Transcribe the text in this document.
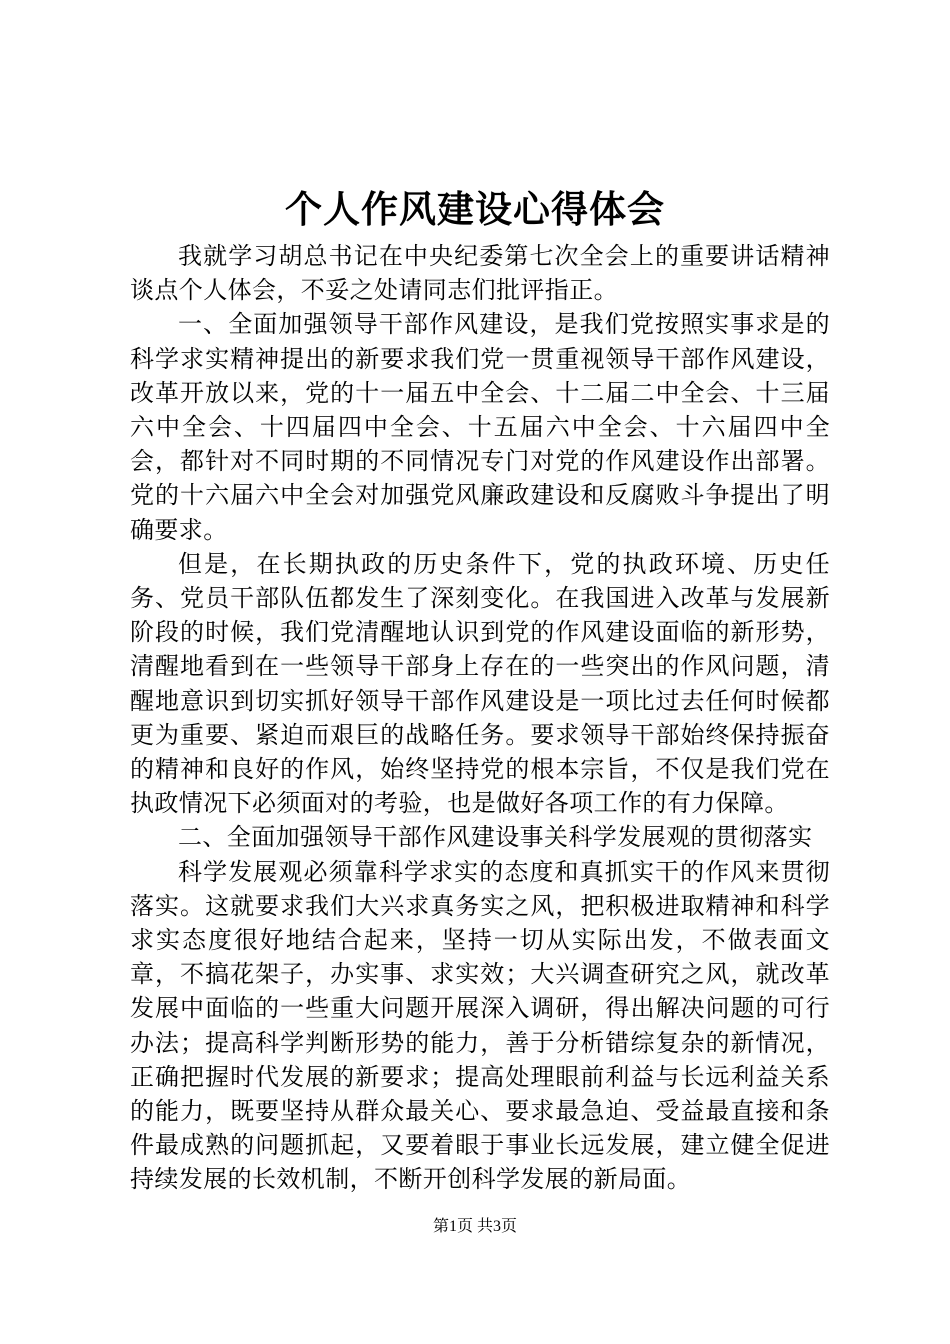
个人作风建设心得体会

我就学习胡总书记在中央纪委第七次全会上的重要讲话精神谈点个人体会，不妥之处请同志们批评指正。

一、全面加强领导干部作风建设，是我们党按照实事求是的科学求实精神提出的新要求我们党一贯重视领导干部作风建设，改革开放以来，党的十一届五中全会、十二届二中全会、十三届六中全会、十四届四中全会、十五届六中全会、十六届四中全会，都针对不同时期的不同情况专门对党的作风建设作出部署。党的十六届六中全会对加强党风廉政建设和反腐败斗争提出了明确要求。

但是，在长期执政的历史条件下，党的执政环境、历史任务、党员干部队伍都发生了深刻变化。在我国进入改革与发展新阶段的时候，我们党清醒地认识到党的作风建设面临的新形势，清醒地看到在一些领导干部身上存在的一些突出的作风问题，清醒地意识到切实抓好领导干部作风建设是一项比过去任何时候都更为重要、紧迫而艰巨的战略任务。要求领导干部始终保持振奋的精神和良好的作风，始终坚持党的根本宗旨，不仅是我们党在执政情况下必须面对的考验，也是做好各项工作的有力保障。

二、全面加强领导干部作风建设事关科学发展观的贯彻落实

科学发展观必须靠科学求实的态度和真抓实干的作风来贯彻落实。这就要求我们大兴求真务实之风，把积极进取精神和科学求实态度很好地结合起来，坚持一切从实际出发，不做表面文章，不搞花架子，办实事、求实效；大兴调查研究之风，就改革发展中面临的一些重大问题开展深入调研，得出解决问题的可行办法；提高科学判断形势的能力，善于分析错综复杂的新情况，正确把握时代发展的新要求；提高处理眼前利益与长远利益关系的能力，既要坚持从群众最关心、要求最急迫、受益最直接和条件最成熟的问题抓起，又要着眼于事业长远发展，建立健全促进持续发展的长效机制，不断开创科学发展的新局面。

第1页 共3页
